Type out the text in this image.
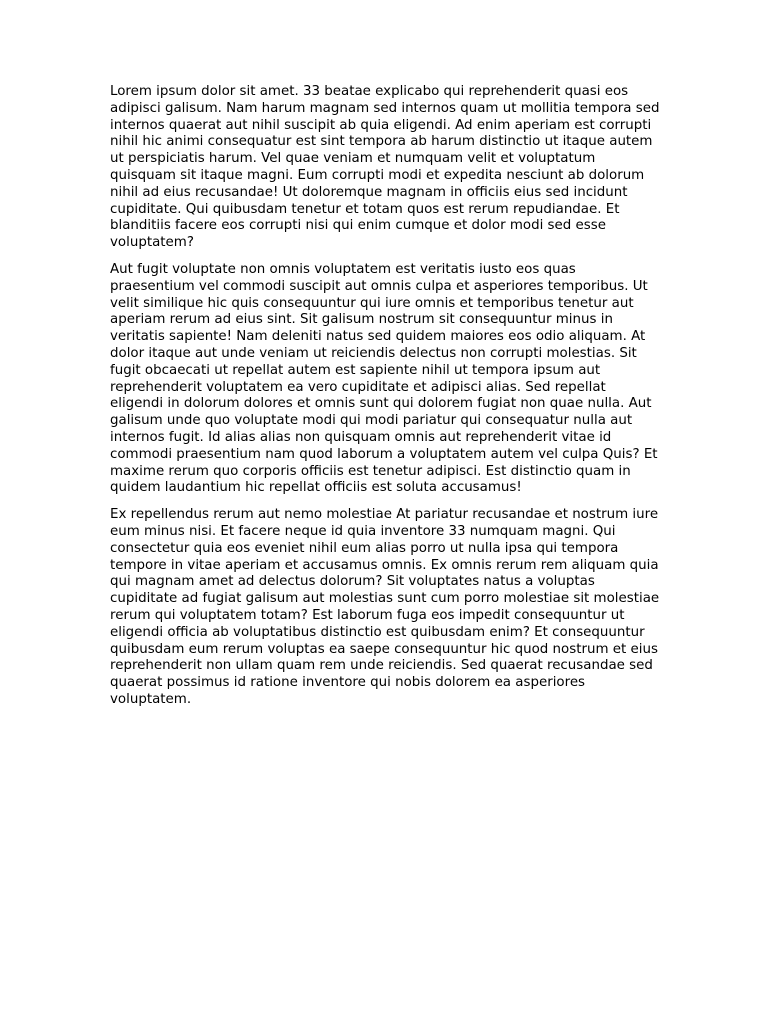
Lorem ipsum dolor sit amet. 33 beatae explicabo qui reprehenderit quasi eos adipisci galisum. Nam harum magnam sed internos quam ut mollitia tempora sed internos quaerat aut nihil suscipit ab quia eligendi. Ad enim aperiam est corrupti nihil hic animi consequatur est sint tempora ab harum distinctio ut itaque autem ut perspiciatis harum. Vel quae veniam et numquam velit et voluptatum quisquam sit itaque magni. Eum corrupti modi et expedita nesciunt ab dolorum nihil ad eius recusandae! Ut doloremque magnam in officiis eius sed incidunt cupiditate. Qui quibusdam tenetur et totam quos est rerum repudiandae. Et blanditiis facere eos corrupti nisi qui enim cumque et dolor modi sed esse voluptatem?

Aut fugit voluptate non omnis voluptatem est veritatis iusto eos quas praesentium vel commodi suscipit aut omnis culpa et asperiores temporibus. Ut velit similique hic quis consequuntur qui iure omnis et temporibus tenetur aut aperiam rerum ad eius sint. Sit galisum nostrum sit consequuntur minus in veritatis sapiente! Nam deleniti natus sed quidem maiores eos odio aliquam. At dolor itaque aut unde veniam ut reiciendis delectus non corrupti molestias. Sit fugit obcaecati ut repellat autem est sapiente nihil ut tempora ipsum aut reprehenderit voluptatem ea vero cupiditate et adipisci alias. Sed repellat eligendi in dolorum dolores et omnis sunt qui dolorem fugiat non quae nulla. Aut galisum unde quo voluptate modi qui modi pariatur qui consequatur nulla aut internos fugit. Id alias alias non quisquam omnis aut reprehenderit vitae id commodi praesentium nam quod laborum a voluptatem autem vel culpa Quis? Et maxime rerum quo corporis officiis est tenetur adipisci. Est distinctio quam in quidem laudantium hic repellat officiis est soluta accusamus!

Ex repellendus rerum aut nemo molestiae At pariatur recusandae et nostrum iure eum minus nisi. Et facere neque id quia inventore 33 numquam magni. Qui consectetur quia eos eveniet nihil eum alias porro ut nulla ipsa qui tempora tempore in vitae aperiam et accusamus omnis. Ex omnis rerum rem aliquam quia qui magnam amet ad delectus dolorum? Sit voluptates natus a voluptas cupiditate ad fugiat galisum aut molestias sunt cum porro molestiae sit molestiae rerum qui voluptatem totam? Est laborum fuga eos impedit consequuntur ut eligendi officia ab voluptatibus distinctio est quibusdam enim? Et consequuntur quibusdam eum rerum voluptas ea saepe consequuntur hic quod nostrum et eius reprehenderit non ullam quam rem unde reiciendis. Sed quaerat recusandae sed quaerat possimus id ratione inventore qui nobis dolorem ea asperiores voluptatem.
